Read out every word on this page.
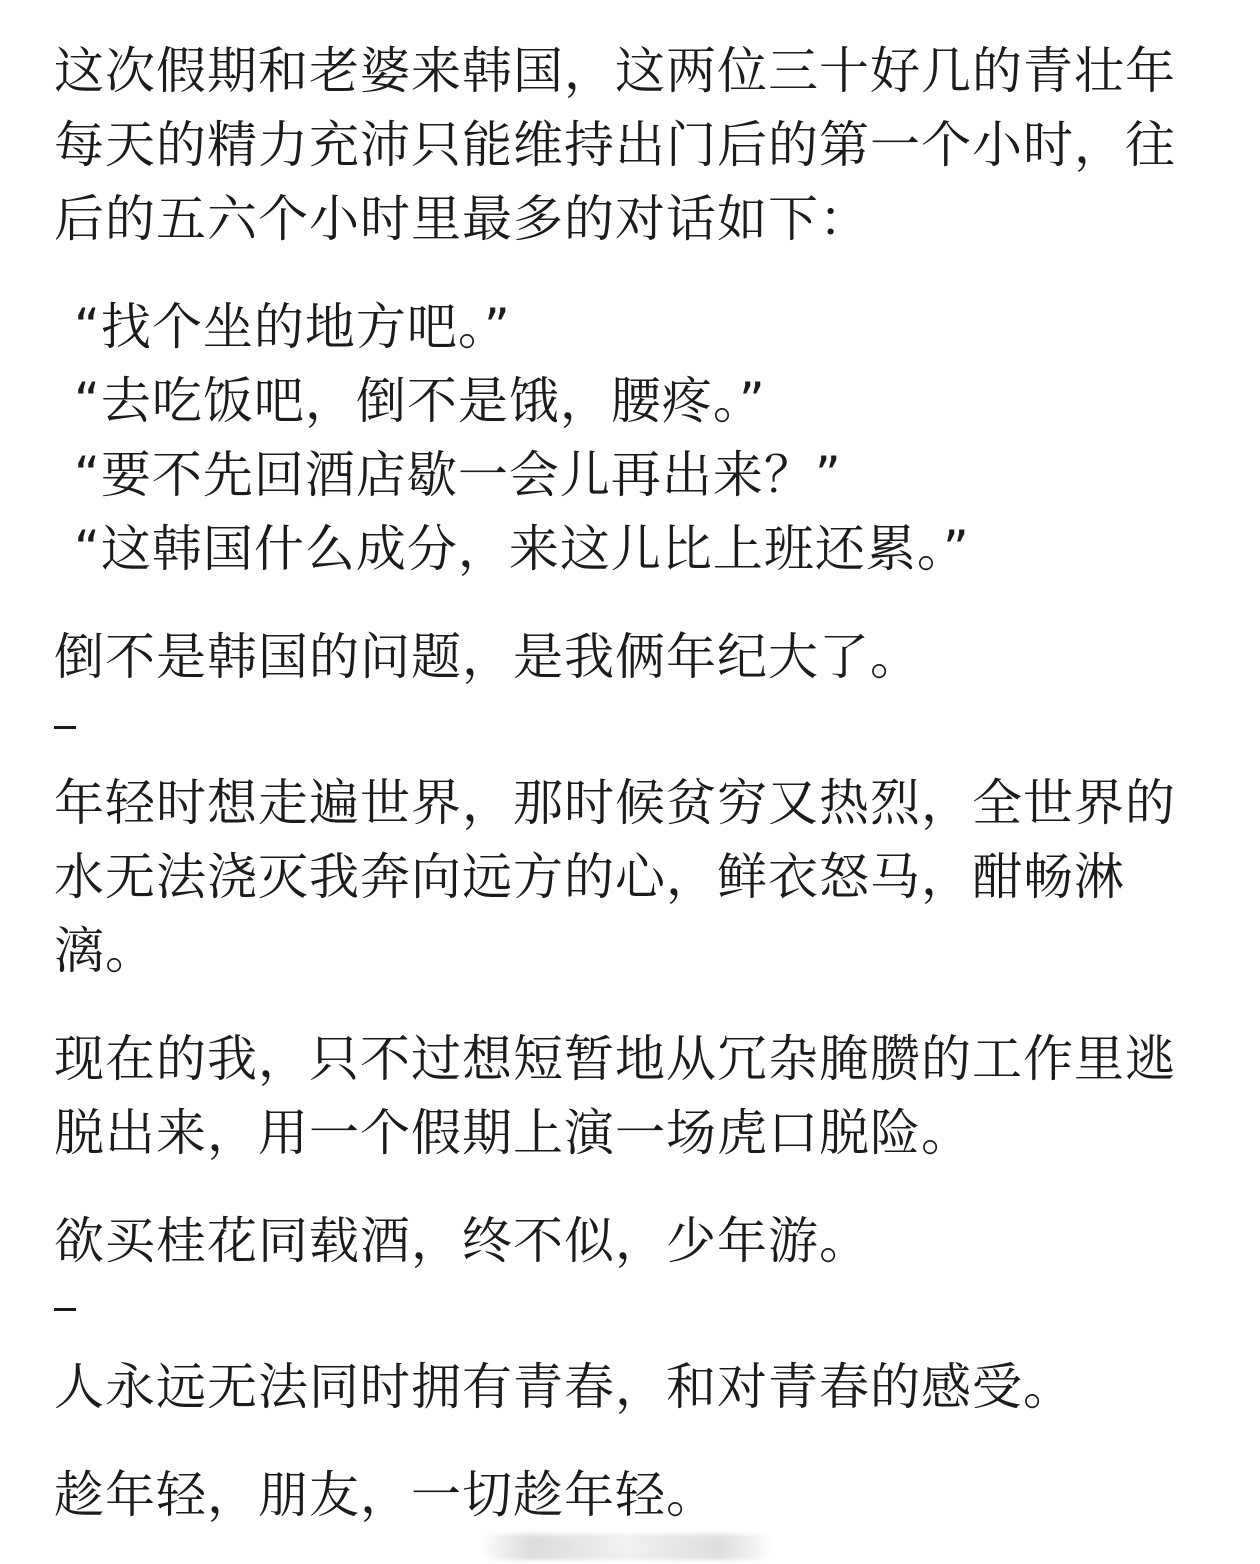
这次假期和老婆来韩国，这两位三十好几的青壮年
每天的精力充沛只能维持出门后的第一个小时，往
后的五六个小时里最多的对话如下：
“找个坐的地方吧。”
“去吃饭吧，倒不是饿，腰疼。”
“要不先回酒店歇一会儿再出来？”
“这韩国什么成分，来这儿比上班还累。”
倒不是韩国的问题，是我俩年纪大了。
年轻时想走遍世界，那时候贫穷又热烈，全世界的
水无法浇灭我奔向远方的心，鲜衣怒马，酣畅淋
漓。
现在的我，只不过想短暂地从冗杂腌臜的工作里逃
脱出来，用一个假期上演一场虎口脱险。
欲买桂花同载酒，终不似，少年游。
人永远无法同时拥有青春，和对青春的感受。
趁年轻，朋友，一切趁年轻。
